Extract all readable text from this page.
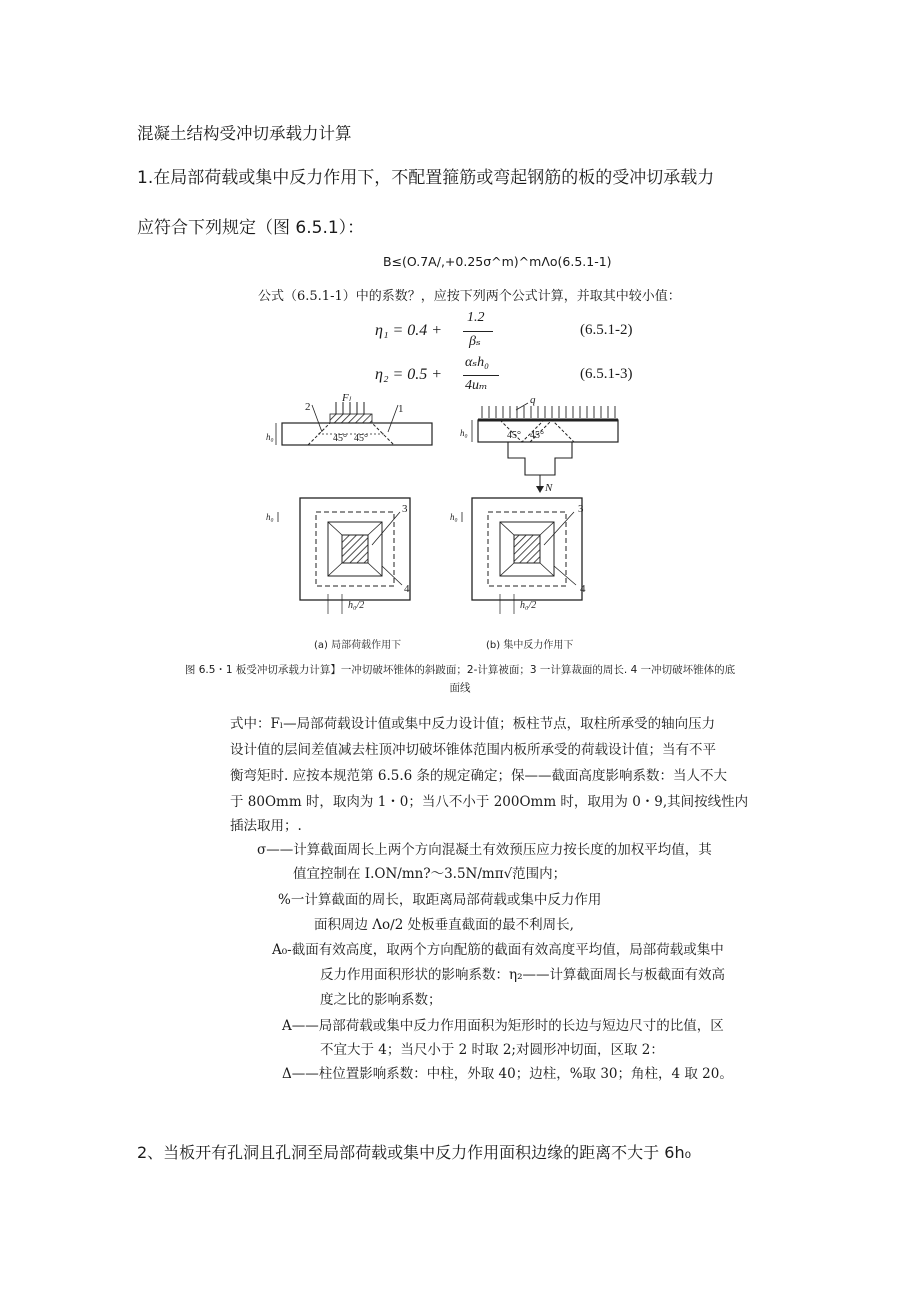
混凝土结构受冲切承载力计算
1.在局部荷载或集中反力作用下，不配置箍筋或弯起钢筋的板的受冲切承载力
应符合下列规定（图 6.5.1）：
B≤(O.7A/,+0.25σ^m)^mΛo(6.5.1-1)
公式（6.5.1-1）中的系数？，应按下列两个公式计算，并取其中较小值：
η₁ = 0.4 +
1.2
βₛ
(6.5.1-2)
η₂ = 0.5 +
αₛh₀
4uₘ
(6.5.1-3)
2	1
Fₗ
45° 45°
h₀
N
q
45° 45°
h₀
3
4
h₀
h₀/2
3
4
h₀
h₀/2
(a) 局部荷载作用下	(b) 集中反力作用下
图 6.5・1 板受冲切承载力计算】一冲切破坏锥体的斜跛面；2-计算被面；3 一计算裁面的周长. 4 一冲切破坏锥体的底
面线
式中：Fₗ—局部荷载设计值或集中反力设计值；板柱节点，取柱所承受的轴向压力
设计值的层间差值减去柱顶冲切破坏锥体范围内板所承受的荷载设计值；当有不平
衡弯矩时. 应按本规范第 6.5.6 条的规定确定；保——截面高度影响系数：当人不大
于 80Omm 时，取肉为 1・0；当八不小于 200Omm 时，取用为 0・9,其间按线性内
插法取用；.
σ——计算截面周长上两个方向混凝土有效预压应力按长度的加权平均值，其
值宜控制在 I.ON/mn?～3.5N/mπ√范围内；
%一计算截面的周长，取距离局部荷载或集中反力作用
面积周边 Λo∕2 处板垂直截面的最不利周长,
A₀-截面有效高度，取两个方向配筋的截面有效高度平均值，局部荷载或集中
反力作用面积形状的影响系数：η₂——计算截面周长与板截面有效高
度之比的影响系数；
A——局部荷载或集中反力作用面积为矩形时的长边与短边尺寸的比值，区
不宜大于 4；当尺小于 2 时取 2;对圆形冲切面，区取 2：
Δ——柱位置影响系数：中柱，外取 40；边柱，%取 30；角柱，4 取 20。
2、当板开有孔洞且孔洞至局部荷载或集中反力作用面积边缘的距离不大于 6h₀
